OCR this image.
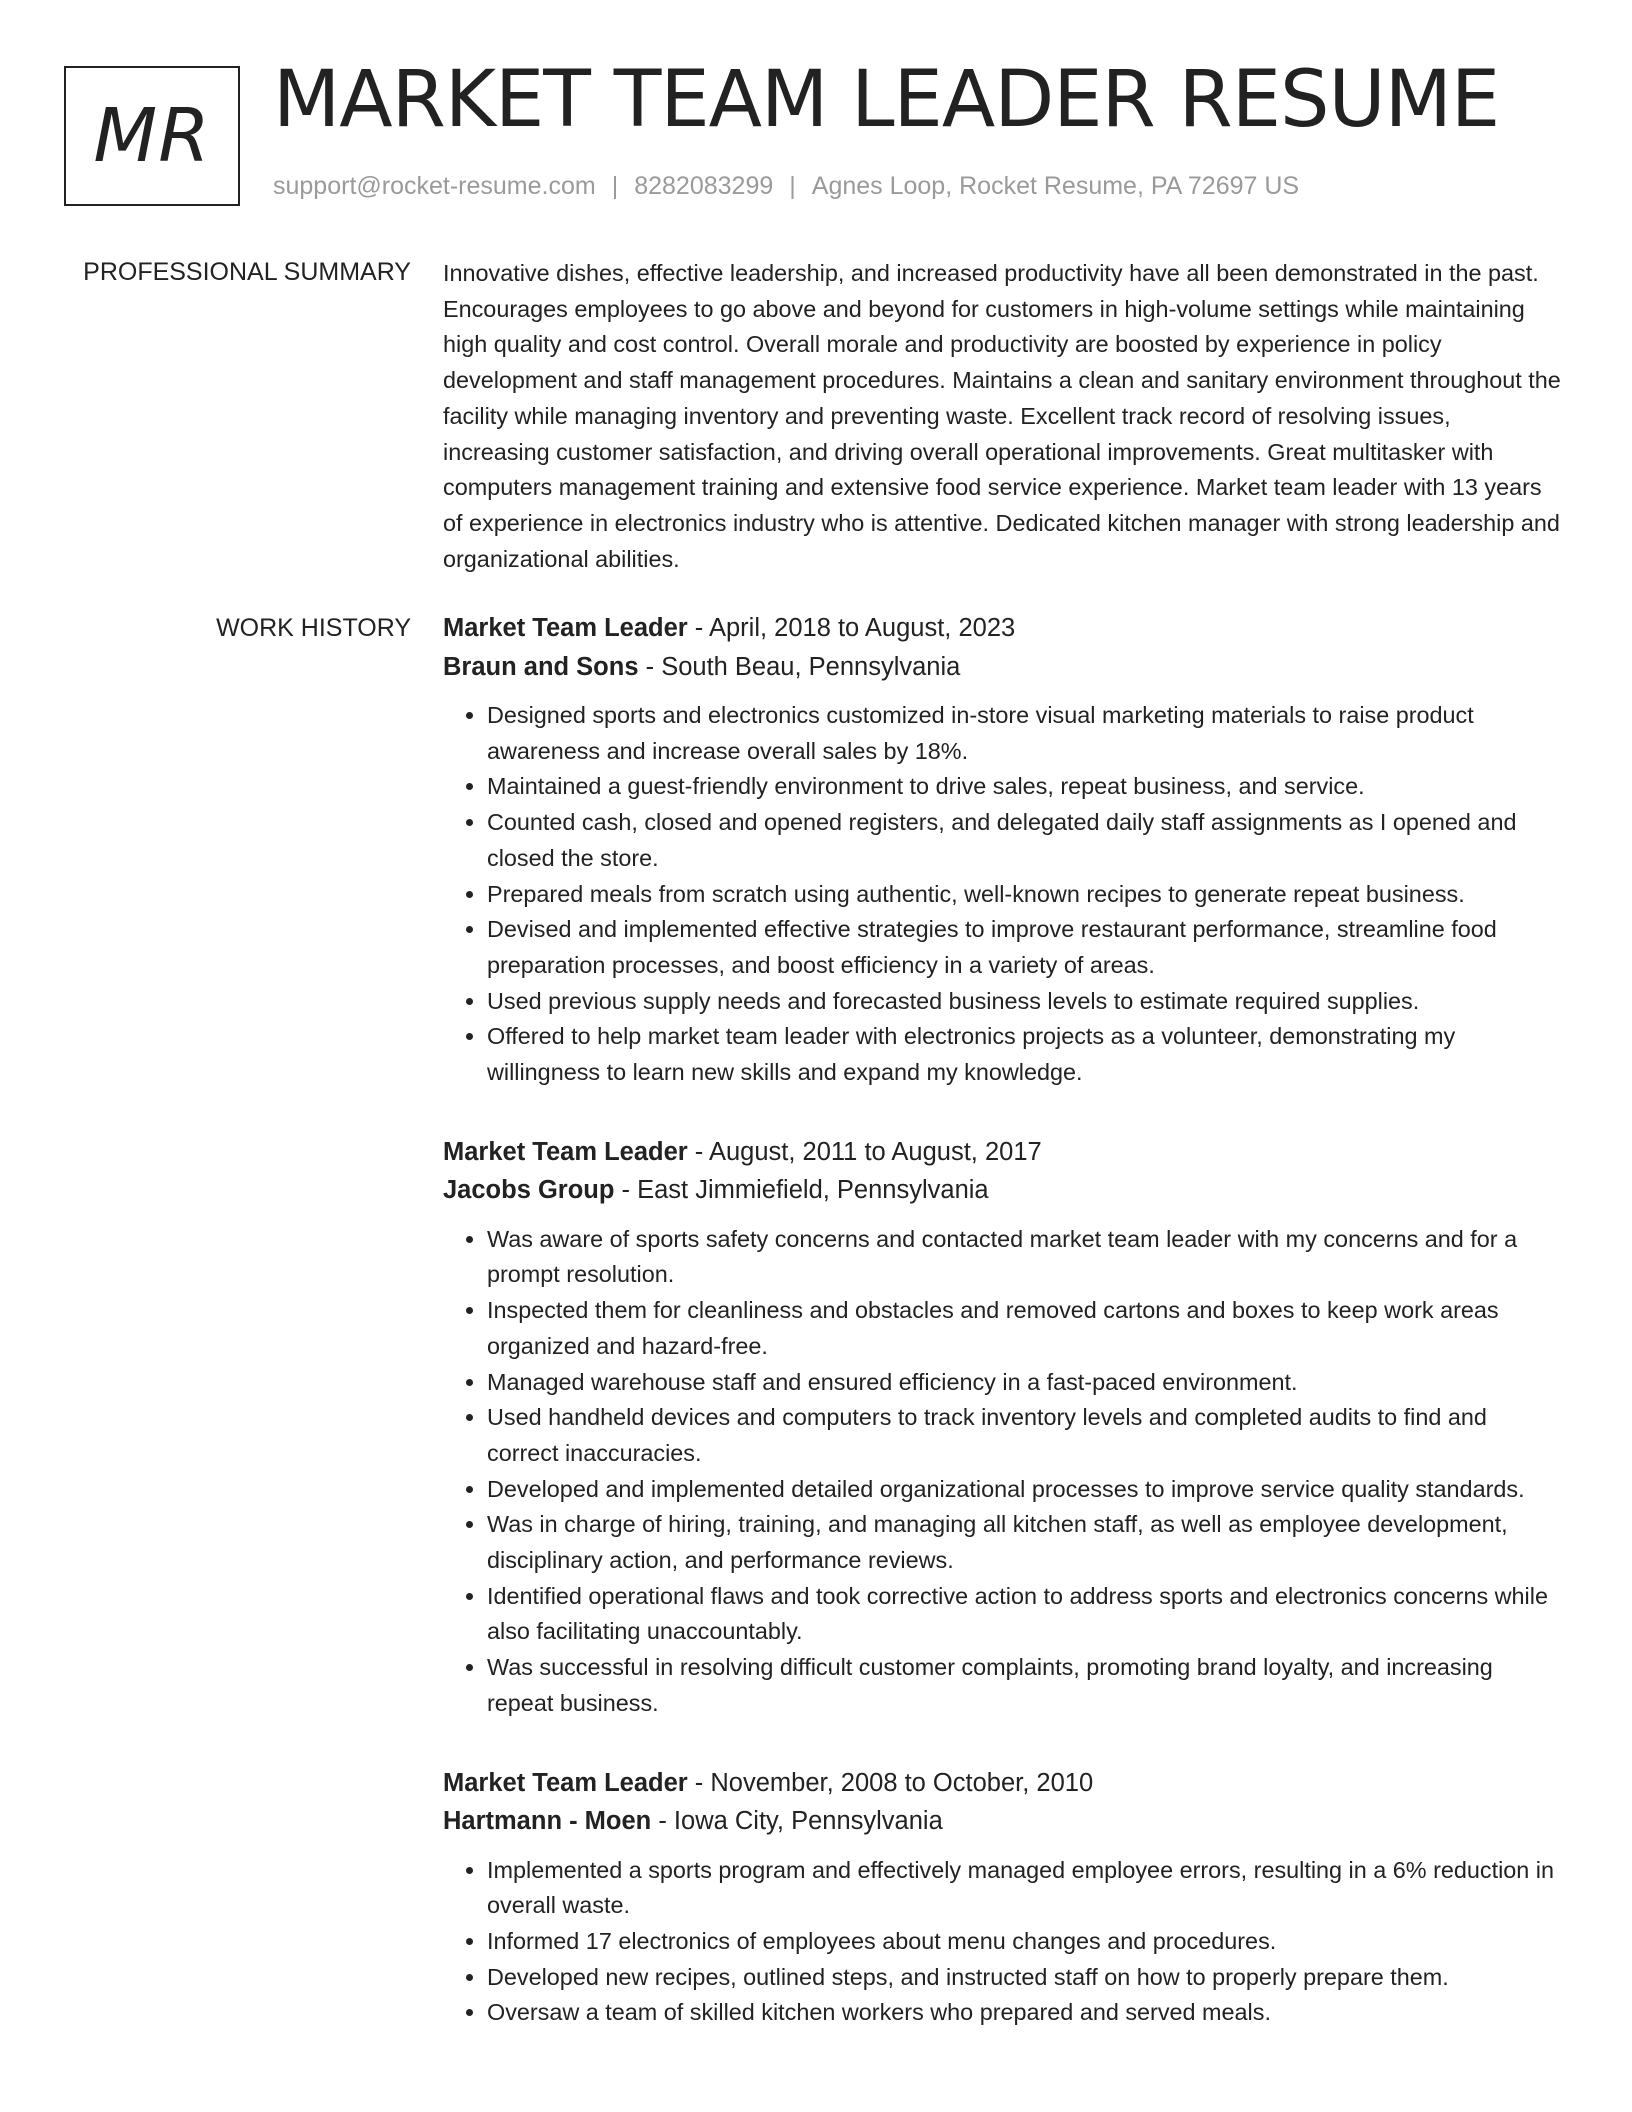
MR MARKET TEAM LEADER RESUME
support@rocket-resume.com | 8282083299 | Agnes Loop, Rocket Resume, PA 72697 US
PROFESSIONAL SUMMARY Innovative dishes, effective leadership, and increased productivity have all been demonstrated in the past. Encourages employees to go above and beyond for customers in high-volume settings while maintaining high quality and cost control. Overall morale and productivity are boosted by experience in policy development and staff management procedures. Maintains a clean and sanitary environment throughout the facility while managing inventory and preventing waste. Excellent track record of resolving issues, increasing customer satisfaction, and driving overall operational improvements. Great multitasker with computers management training and extensive food service experience. Market team leader with 13 years of experience in electronics industry who is attentive. Dedicated kitchen manager with strong leadership and organizational abilities.

WORK HISTORY Market Team Leader - April, 2018 to August, 2023
Braun and Sons - South Beau, Pennsylvania
• Designed sports and electronics customized in-store visual marketing materials to raise product awareness and increase overall sales by 18%.
• Maintained a guest-friendly environment to drive sales, repeat business, and service.
• Counted cash, closed and opened registers, and delegated daily staff assignments as I opened and closed the store.
• Prepared meals from scratch using authentic, well-known recipes to generate repeat business.
• Devised and implemented effective strategies to improve restaurant performance, streamline food preparation processes, and boost efficiency in a variety of areas.
• Used previous supply needs and forecasted business levels to estimate required supplies.
• Offered to help market team leader with electronics projects as a volunteer, demonstrating my willingness to learn new skills and expand my knowledge.
Market Team Leader - August, 2011 to August, 2017
Jacobs Group - East Jimmiefield, Pennsylvania
• Was aware of sports safety concerns and contacted market team leader with my concerns and for a prompt resolution.
• Inspected them for cleanliness and obstacles and removed cartons and boxes to keep work areas organized and hazard-free.
• Managed warehouse staff and ensured efficiency in a fast-paced environment.
• Used handheld devices and computers to track inventory levels and completed audits to find and correct inaccuracies.
• Developed and implemented detailed organizational processes to improve service quality standards.
• Was in charge of hiring, training, and managing all kitchen staff, as well as employee development, disciplinary action, and performance reviews.
• Identified operational flaws and took corrective action to address sports and electronics concerns while also facilitating unaccountably.
• Was successful in resolving difficult customer complaints, promoting brand loyalty, and increasing repeat business.
Market Team Leader - November, 2008 to October, 2010
Hartmann - Moen - Iowa City, Pennsylvania
• Implemented a sports program and effectively managed employee errors, resulting in a 6% reduction in overall waste.
• Informed 17 electronics of employees about menu changes and procedures.
• Developed new recipes, outlined steps, and instructed staff on how to properly prepare them.
• Oversaw a team of skilled kitchen workers who prepared and served meals.
